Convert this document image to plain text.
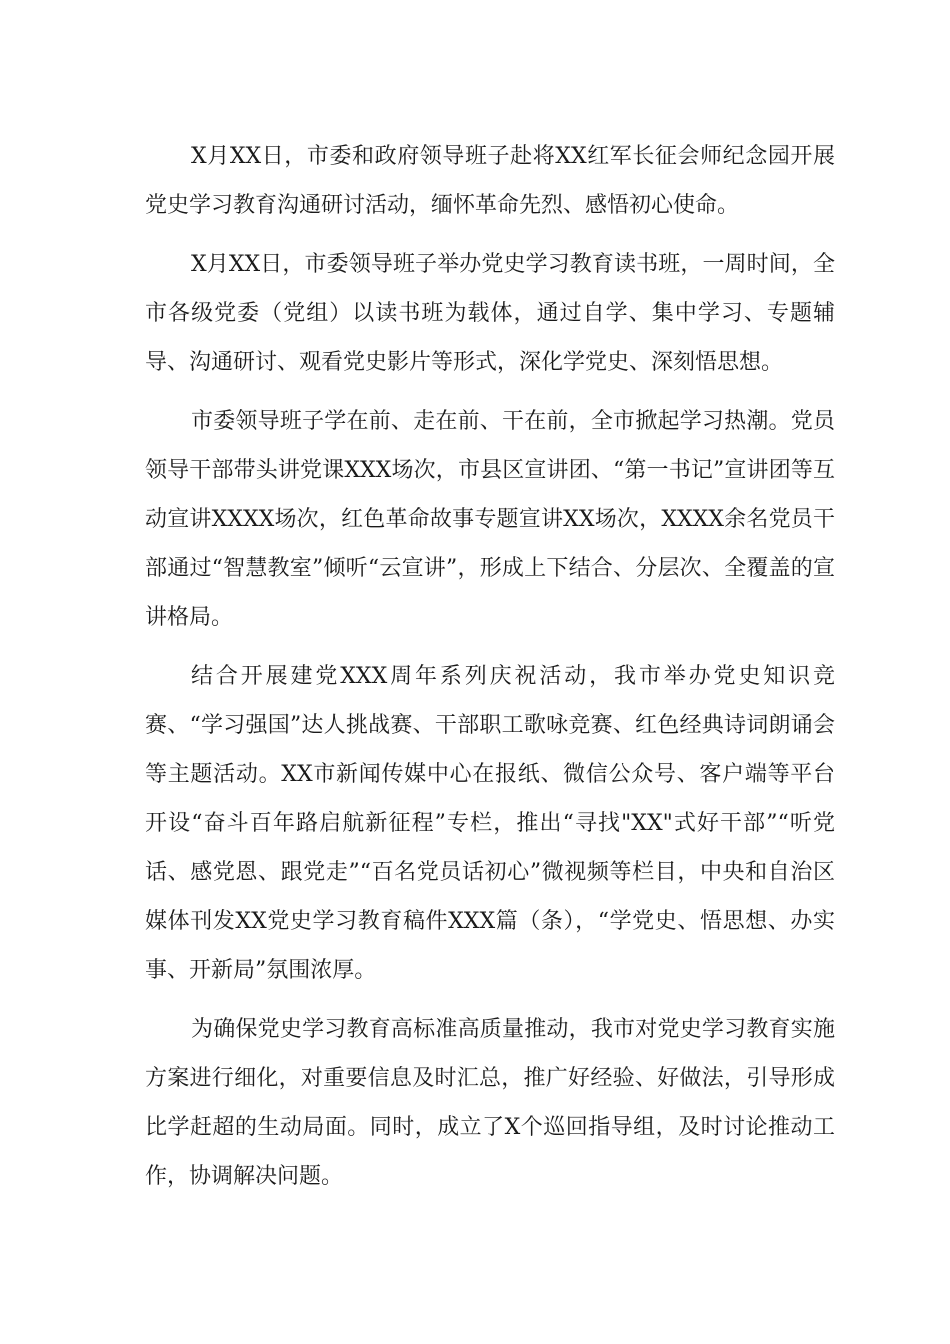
X月XX日，市委和政府领导班子赴将XX红军长征会师纪念园开展党史学习教育沟通研讨活动，缅怀革命先烈、感悟初心使命。

X月XX日，市委领导班子举办党史学习教育读书班，一周时间，全市各级党委（党组）以读书班为载体，通过自学、集中学习、专题辅导、沟通研讨、观看党史影片等形式，深化学党史、深刻悟思想。

市委领导班子学在前、走在前、干在前，全市掀起学习热潮。党员领导干部带头讲党课XXX场次，市县区宣讲团、“第一书记”宣讲团等互动宣讲XXXX场次，红色革命故事专题宣讲XX场次，XXXX余名党员干部通过“智慧教室”倾听“云宣讲”，形成上下结合、分层次、全覆盖的宣讲格局。

结合开展建党XXX周年系列庆祝活动，我市举办党史知识竞赛、“学习强国”达人挑战赛、干部职工歌咏竞赛、红色经典诗词朗诵会等主题活动。XX市新闻传媒中心在报纸、微信公众号、客户端等平台开设“奋斗百年路启航新征程”专栏，推出“寻找"XX"式好干部”“听党话、感党恩、跟党走”“百名党员话初心”微视频等栏目，中央和自治区媒体刊发XX党史学习教育稿件XXX篇（条），“学党史、悟思想、办实事、开新局”氛围浓厚。

为确保党史学习教育高标准高质量推动，我市对党史学习教育实施方案进行细化，对重要信息及时汇总，推广好经验、好做法，引导形成比学赶超的生动局面。同时，成立了X个巡回指导组，及时讨论推动工作，协调解决问题。
